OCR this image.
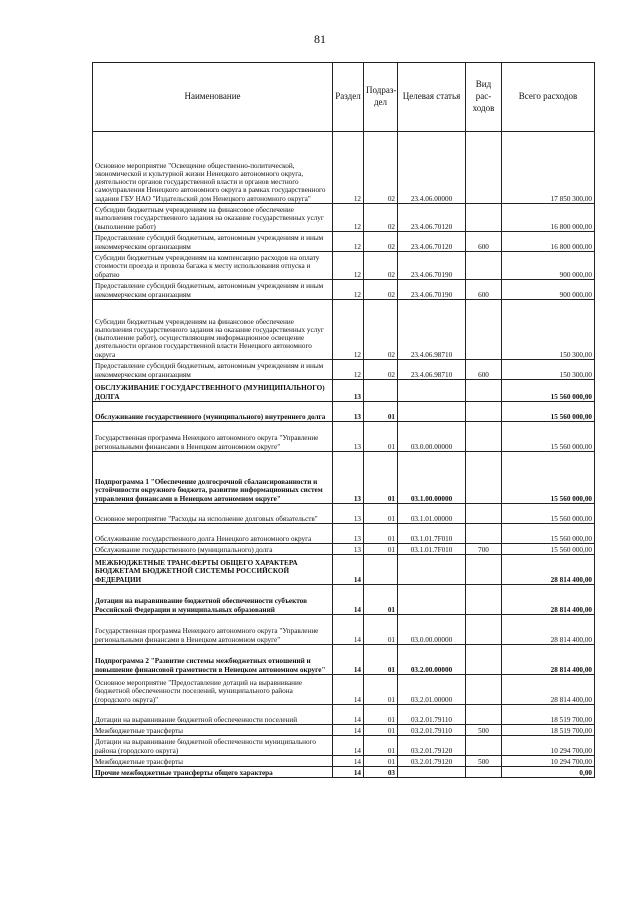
81
Наименование	Раздел	Подраз-дел	Целевая статья	Вид рас-ходов	Всего расходов
Основное мероприятие "Освещение общественно-политической, экономической и культурной жизни Ненецкого автономного округа, деятельности органов государственной власти и органов местного самоуправления Ненецкого автономного округа в рамках государственного задания ГБУ НАО "Издательский дом Ненецкого автономного округа"	12	02	23.4.06.00000		17 850 300,00
Субсидии бюджетным учреждениям на финансовое обеспечение выполнения государственного задания на оказание государственных услуг (выполнение работ)	12	02	23.4.06.70120		16 800 000,00
Предоставление субсидий бюджетным, автономным учреждениям и иным некоммерческим организациям	12	02	23.4.06.70120	600	16 800 000,00
Субсидии бюджетным учреждениям на компенсацию расходов на оплату стоимости проезда и провоза багажа к месту использования отпуска и обратно	12	02	23.4.06.70190		900 000,00
Предоставление субсидий бюджетным, автономным учреждениям и иным некоммерческим организациям	12	02	23.4.06.70190	600	900 000,00
Субсидии бюджетным учреждениям на финансовое обеспечение выполнения государственного задания на оказание государственных услуг (выполнение работ), осуществляющим информационное освещение деятельности органов государственной власти Ненецкого автономного округа	12	02	23.4.06.98710		150 300,00
Предоставление субсидий бюджетным, автономным учреждениям и иным некоммерческим организациям	12	02	23.4.06.98710	600	150 300,00
ОБСЛУЖИВАНИЕ ГОСУДАРСТВЕННОГО (МУНИЦИПАЛЬНОГО) ДОЛГА	13				15 560 000,00
Обслуживание государственного (муниципального) внутреннего долга	13	01			15 560 000,00
Государственная программа Ненецкого автономного округа "Управление региональными финансами в Ненецком автономном округе"	13	01	03.0.00.00000		15 560 000,00
Подпрограмма 1 "Обеспечение долгосрочной сбалансированности и устойчивости окружного бюджета, развитие информационных систем управления финансами в Ненецком автономном округе"	13	01	03.1.00.00000		15 560 000,00
Основное мероприятие "Расходы на исполнение долговых обязательств"	13	01	03.1.01.00000		15 560 000,00
Обслуживание государственного долга Ненецкого автономного округа	13	01	03.1.01.7F010		15 560 000,00
Обслуживание государственного (муниципального) долга	13	01	03.1.01.7F010	700	15 560 000,00
МЕЖБЮДЖЕТНЫЕ ТРАНСФЕРТЫ ОБЩЕГО ХАРАКТЕРА БЮДЖЕТАМ БЮДЖЕТНОЙ СИСТЕМЫ РОССИЙСКОЙ ФЕДЕРАЦИИ	14				28 814 400,00
Дотации на выравнивание бюджетной обеспеченности субъектов Российской Федерации и муниципальных образований	14	01			28 814 400,00
Государственная программа Ненецкого автономного округа "Управление региональными финансами в Ненецком автономном округе"	14	01	03.0.00.00000		28 814 400,00
Подпрограмма 2 "Развитие системы межбюджетных отношений и повышение финансовой грамотности в Ненецком автономном округе"	14	01	03.2.00.00000		28 814 400,00
Основное мероприятие "Предоставление дотаций на выравнивание бюджетной обеспеченности поселений, муниципального района (городского округа)"	14	01	03.2.01.00000		28 814 400,00
Дотации на выравнивание бюджетной обеспеченности поселений	14	01	03.2.01.79110		18 519 700,00
Межбюджетные трансферты	14	01	03.2.01.79110	500	18 519 700,00
Дотации на выравнивание бюджетной обеспеченности муниципального района (городского округа)	14	01	03.2.01.79120		10 294 700,00
Межбюджетные трансферты	14	01	03.2.01.79120	500	10 294 700,00
Прочие межбюджетные трансферты общего характера	14	03			0,00
